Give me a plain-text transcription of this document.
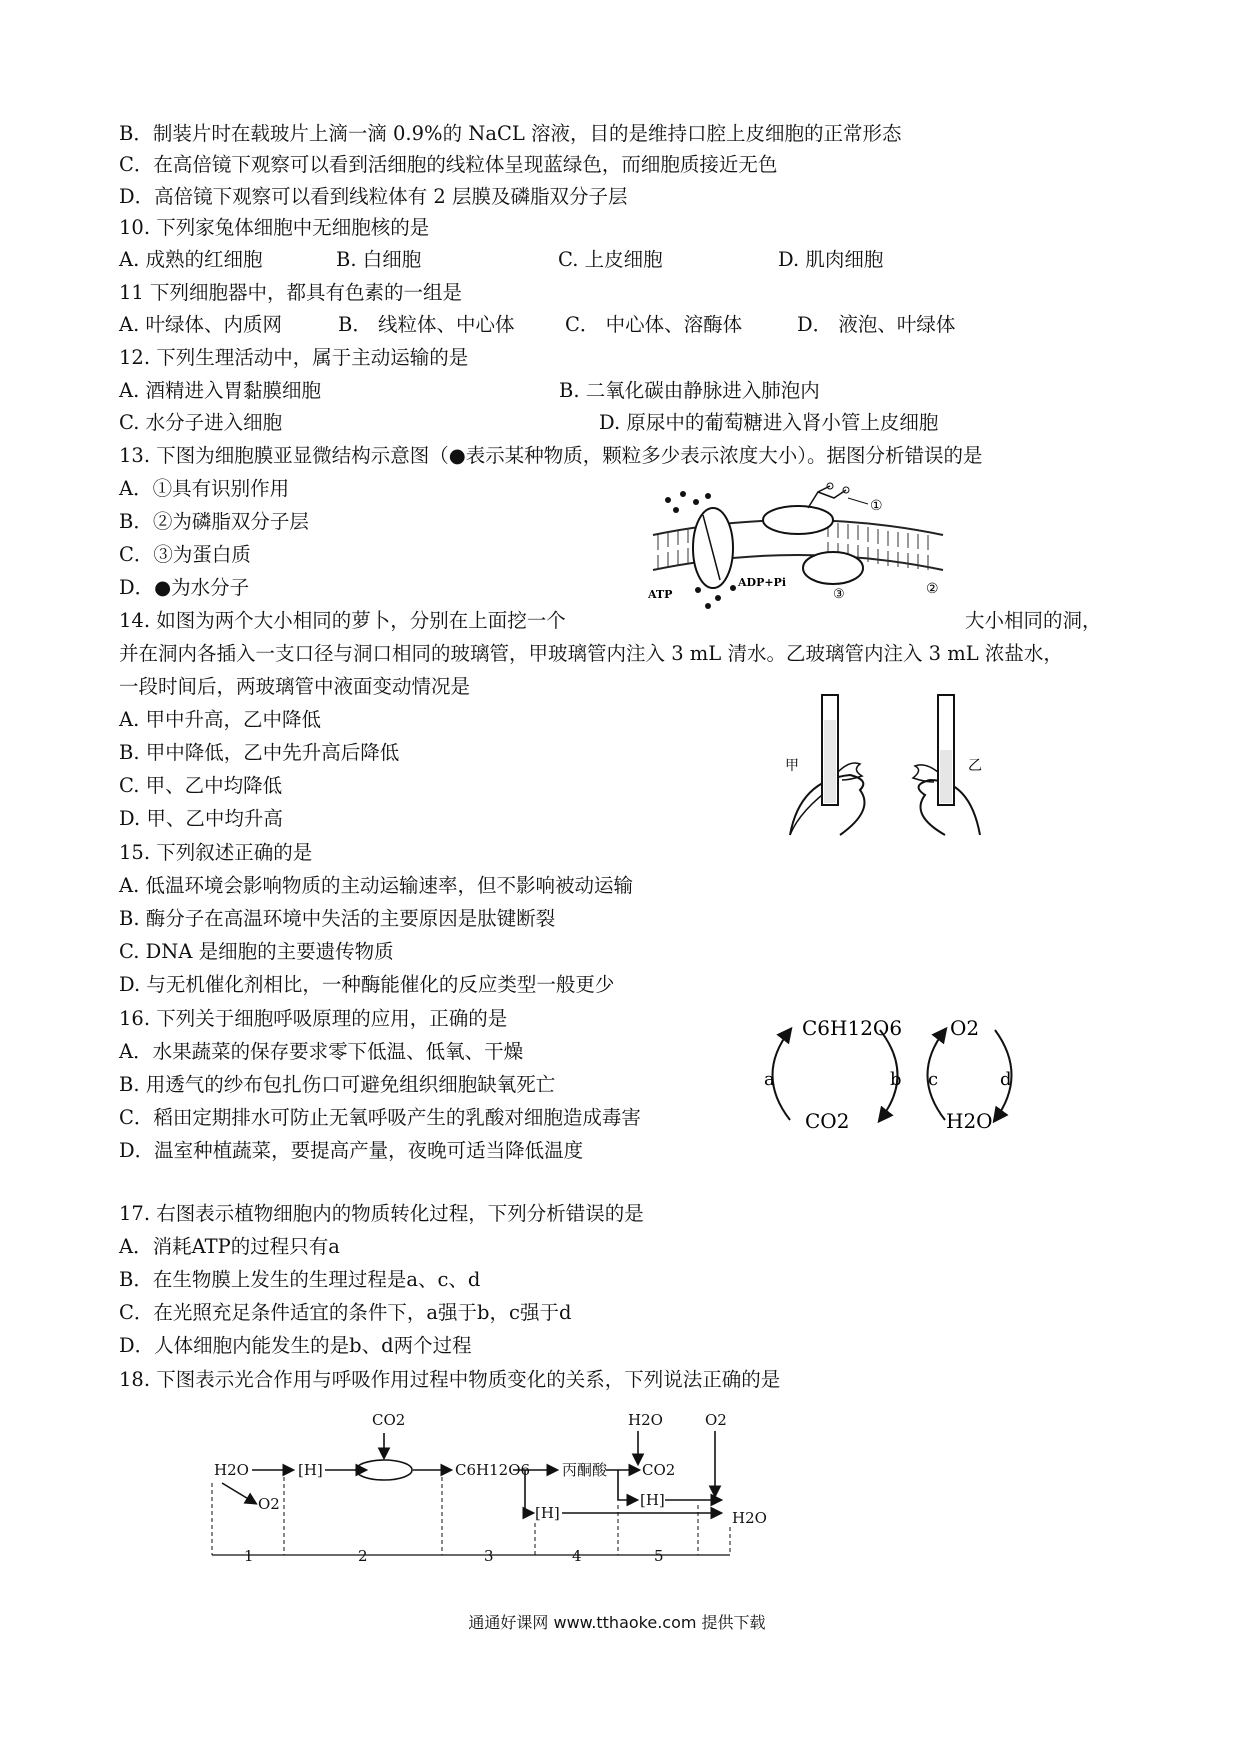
B．制装片时在载玻片上滴一滴 0.9%的 NaCL 溶液，目的是维持口腔上皮细胞的正常形态
C．在高倍镜下观察可以看到活细胞的线粒体呈现蓝绿色，而细胞质接近无色
D．高倍镜下观察可以看到线粒体有 2 层膜及磷脂双分子层
10. 下列家兔体细胞中无细胞核的是
A. 成熟的红细胞	B. 白细胞	C. 上皮细胞	D. 肌肉细胞
11 下列细胞器中，都具有色素的一组是
A. 叶绿体、内质网	B． 线粒体、中心体	C． 中心体、溶酶体	D． 液泡、叶绿体
12. 下列生理活动中，属于主动运输的是
A. 酒精进入胃黏膜细胞	B. 二氧化碳由静脉进入肺泡内
C. 水分子进入细胞	D. 原尿中的葡萄糖进入肾小管上皮细胞
13. 下图为细胞膜亚显微结构示意图（●表示某种物质，颗粒多少表示浓度大小）。据图分析错误的是
A．①具有识别作用
B．②为磷脂双分子层
C．③为蛋白质
D．●为水分子
①
③	②
ATP
ADP+Pi
14. 如图为两个大小相同的萝卜，分别在上面挖一个	大小相同的洞，
并在洞内各插入一支口径与洞口相同的玻璃管，甲玻璃管内注入 3 mL 清水。乙玻璃管内注入 3 mL 浓盐水，
一段时间后，两玻璃管中液面变动情况是
A. 甲中升高，乙中降低
B. 甲中降低，乙中先升高后降低
C. 甲、乙中均降低
D. 甲、乙中均升高
甲	乙
15. 下列叙述正确的是
A. 低温环境会影响物质的主动运输速率，但不影响被动运输
B. 酶分子在高温环境中失活的主要原因是肽键断裂
C. DNA 是细胞的主要遗传物质
D. 与无机催化剂相比，一种酶能催化的反应类型一般更少
16. 下列关于细胞呼吸原理的应用，正确的是
A．水果蔬菜的保存要求零下低温、低氧、干燥
B. 用透气的纱布包扎伤口可避免组织细胞缺氧死亡
C．稻田定期排水可防止无氧呼吸产生的乳酸对细胞造成毒害
D．温室种植蔬菜，要提高产量，夜晚可适当降低温度
C6H12O6
CO2
a	b
O2
H2O
c	d
17. 右图表示植物细胞内的物质转化过程，下列分析错误的是
A．消耗ATP的过程只有a
B．在生物膜上发生的生理过程是a、c、d
C．在光照充足条件适宜的条件下，a强于b，c强于d
D．人体细胞内能发生的是b、d两个过程
18. 下图表示光合作用与呼吸作用过程中物质变化的关系，下列说法正确的是
H2O	[H]
CO2
C6H12O6 丙酮酸
H2O	O2
CO2
[H]
[H]
O2
H2O
1	2	3	4	5
通通好课网 www.tthaoke.com 提供下载
